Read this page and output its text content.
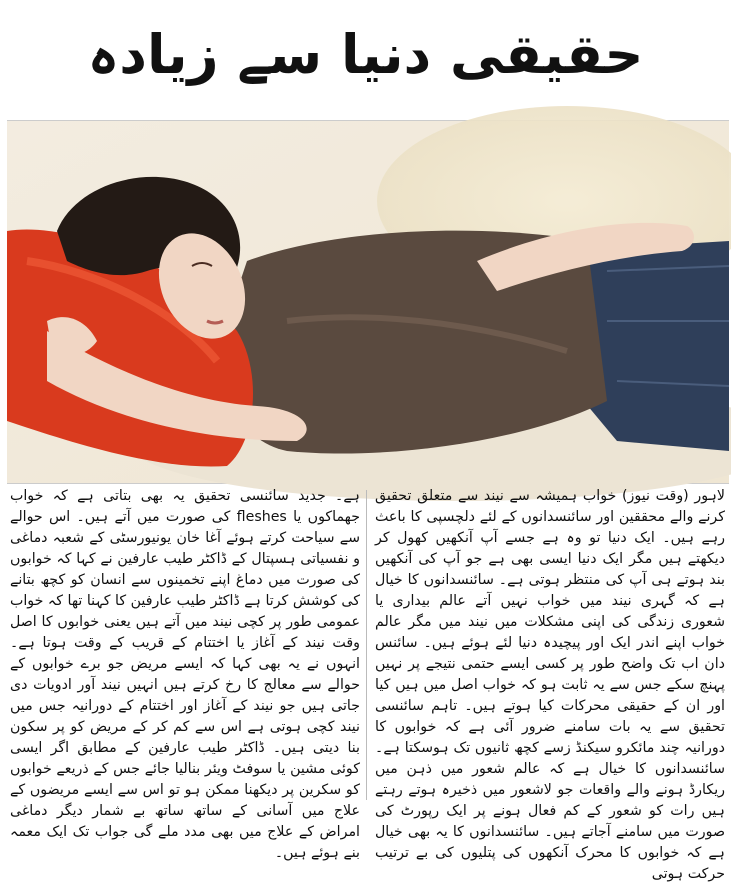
حقیقی دنیا سے زیادہ
لاہور (وقت نیوز) خواب ہمیشہ سے نیند سے متعلق تحقیق کرنے والے محققین اور سائنسدانوں کے لئے دلچسپی کا باعث رہے ہیں۔ ایک دنیا تو وہ ہے جسے آپ آنکھیں کھول کر دیکھتے ہیں مگر ایک دنیا ایسی بھی ہے جو آپ کی آنکھیں بند ہوتے ہی آپ کی منتظر ہوتی ہے۔ سائنسدانوں کا خیال ہے کہ گہری نیند میں خواب نہیں آتے عالم بیداری یا شعوری زندگی کی اپنی مشکلات میں نیند میں مگر عالم خواب اپنے اندر ایک اور پیچیدہ دنیا لئے ہوئے ہیں۔ سائنس دان اب تک واضح طور پر کسی ایسے حتمی نتیجے پر نہیں پہنچ سکے جس سے یہ ثابت ہو کہ خواب اصل میں ہیں کیا اور ان کے حقیقی محرکات کیا ہوتے ہیں۔ تاہم سائنسی تحقیق سے یہ بات سامنے ضرور آئی ہے کہ خوابوں کا دورانیہ چند مائکرو سیکنڈ زسے کچھ ثانیوں تک ہوسکتا ہے۔ سائنسدانوں کا خیال ہے کہ عالم شعور میں ذہن میں ریکارڈ ہونے والے واقعات جو لاشعور میں ذخیرہ ہوتے رہتے ہیں رات کو شعور کے کم فعال ہونے پر ایک رپورٹ کی صورت میں سامنے آجاتے ہیں۔ سائنسدانوں کا یہ بھی خیال ہے کہ خوابوں کا محرک آنکھوں کی پتلیوں کی بے ترتیب حرکت ہوتی
ہے۔ جدید سائنسی تحقیق یہ بھی بتاتی ہے کہ خواب جھماکوں یا fleshes کی صورت میں آتے ہیں۔ اس حوالے سے سیاحت کرتے ہوئے آغا خان یونیورسٹی کے شعبہ دماغی و نفسیاتی ہسپتال کے ڈاکٹر طیب عارفین نے کہا کہ خوابوں کی صورت میں دماغ اپنے تخمینوں سے انسان کو کچھ بتانے کی کوشش کرتا ہے ڈاکٹر طیب عارفین کا کہنا تھا کہ خواب عمومی طور پر کچی نیند میں آتے ہیں یعنی خوابوں کا اصل وقت نیند کے آغاز یا اختتام کے قریب کے وقت ہوتا ہے۔ انہوں نے یہ بھی کہا کہ ایسے مریض جو برے خوابوں کے حوالے سے معالج کا رخ کرتے ہیں انہیں نیند آور ادویات دی جاتی ہیں جو نیند کے آغاز اور اختتام کے دورانیہ جس میں نیند کچی ہوتی ہے اس سے کم کر کے مریض کو پر سکون بنا دیتی ہیں۔ ڈاکٹر طیب عارفین کے مطابق اگر ایسی کوئی مشین یا سوفٹ ویئر بنالیا جائے جس کے ذریعے خوابوں کو سکرین پر دیکھنا ممکن ہو تو اس سے ایسے مریضوں کے علاج میں آسانی کے ساتھ ساتھ بے شمار دیگر دماغی امراض کے علاج میں بھی مدد ملے گی جواب تک ایک معمہ بنے ہوئے ہیں۔
